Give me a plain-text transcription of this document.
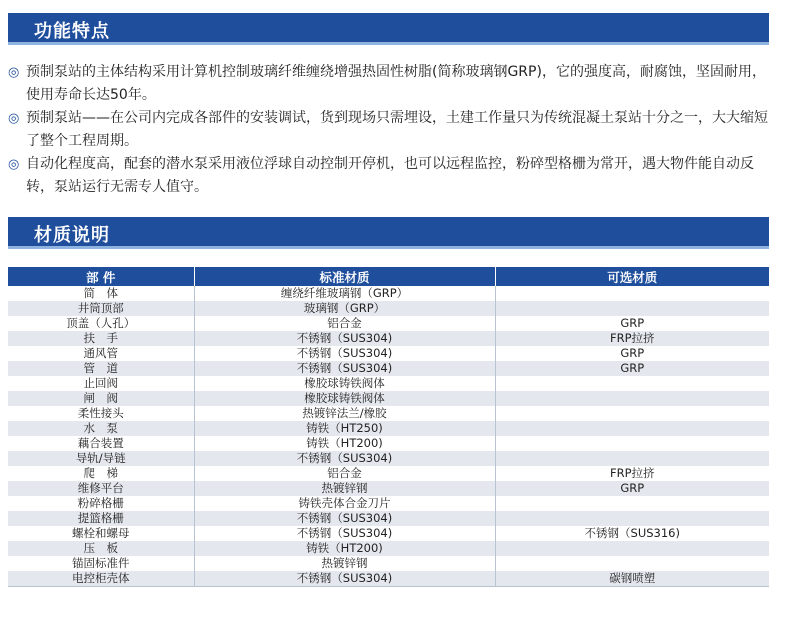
功能特点
◎ 预制泵站的主体结构采用计算机控制玻璃纤维缠绕增强热固性树脂(简称玻璃钢GRP)，它的强度高，耐腐蚀，坚固耐用，使用寿命长达50年。
◎ 预制泵站——在公司内完成各部件的安装调试，货到现场只需埋设，土建工作量只为传统混凝土泵站十分之一，大大缩短了整个工程周期。
◎ 自动化程度高，配套的潜水泵采用液位浮球自动控制开停机，也可以远程监控，粉碎型格栅为常开，遇大物件能自动反转，泵站运行无需专人值守。
材质说明
部 件	标准材质	可选材质
简　体	缠绕纤维玻璃钢（GRP）	
井筒顶部	玻璃钢（GRP）	
顶盖（人孔）	铝合金	GRP
扶　手	不锈钢（SUS304)	FRP拉挤
通风管	不锈钢（SUS304)	GRP
管　道	不锈钢（SUS304)	GRP
止回阀	橡胶球铸铁阀体	
闸　阀	橡胶球铸铁阀体	
柔性接头	热镀锌法兰/橡胶	
水　泵	铸铁（HT250)	
藕合装置	铸铁（HT200)	
导轨/导链	不锈钢（SUS304)	
爬　梯	铝合金	FRP拉挤
维修平台	热镀锌钢	GRP
粉碎格栅	铸铁壳体合金刀片	
提篮格栅	不锈钢（SUS304)	
螺栓和螺母	不锈钢（SUS304)	不锈钢（SUS316)
压　板	铸铁（HT200)	
锚固标准件	热镀锌钢	
电控柜壳体	不锈钢（SUS304)	碳钢喷塑
